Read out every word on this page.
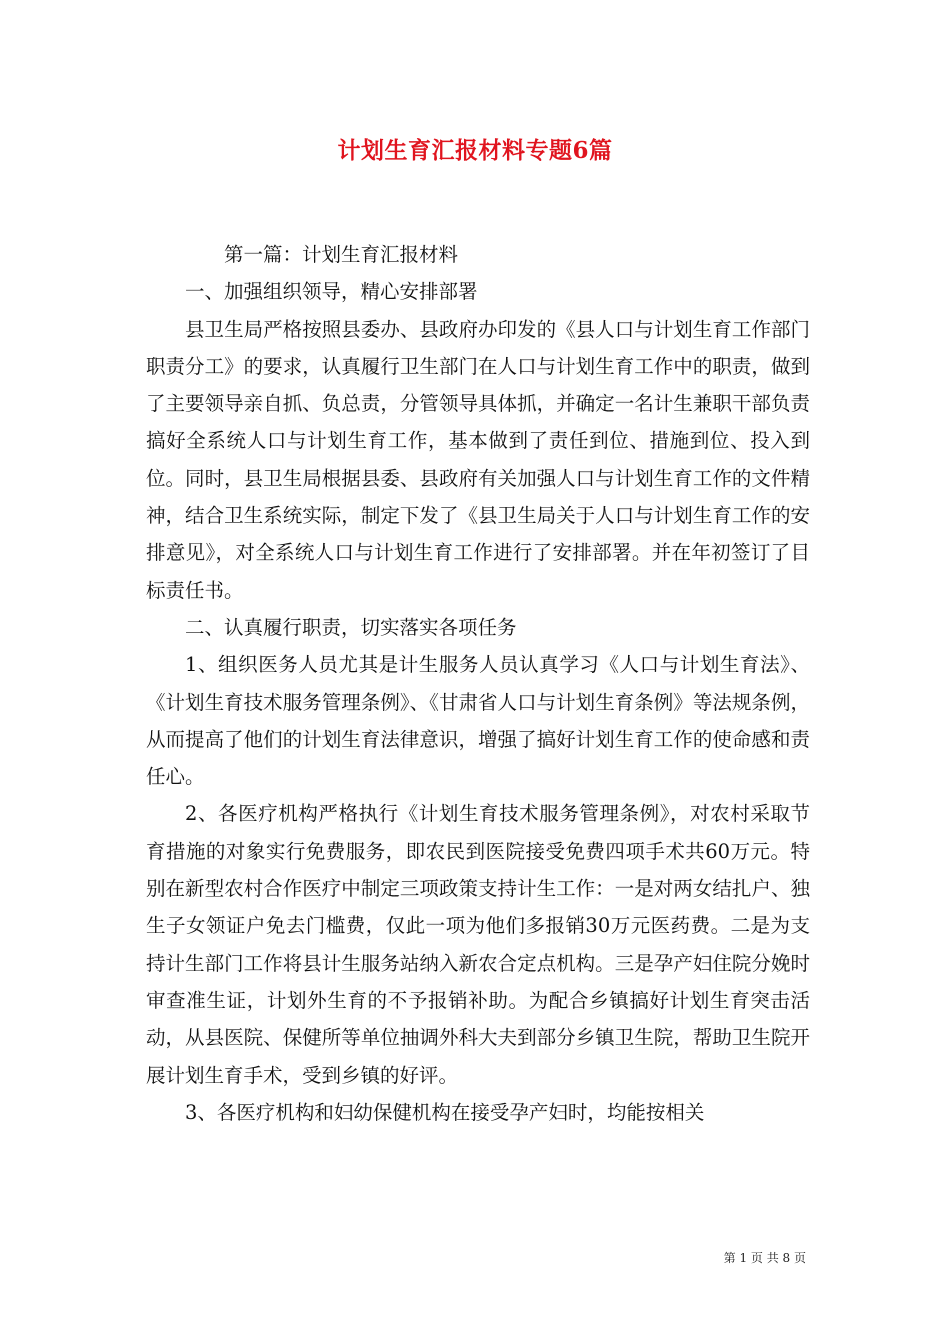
计划生育汇报材料专题6篇

第一篇：计划生育汇报材料

一、加强组织领导，精心安排部署

县卫生局严格按照县委办、县政府办印发的《县人口与计划生育工作部门职责分工》的要求，认真履行卫生部门在人口与计划生育工作中的职责，做到了主要领导亲自抓、负总责，分管领导具体抓，并确定一名计生兼职干部负责搞好全系统人口与计划生育工作，基本做到了责任到位、措施到位、投入到位。同时，县卫生局根据县委、县政府有关加强人口与计划生育工作的文件精神，结合卫生系统实际，制定下发了《县卫生局关于人口与计划生育工作的安排意见》，对全系统人口与计划生育工作进行了安排部署。并在年初签订了目标责任书。

二、认真履行职责，切实落实各项任务

1、组织医务人员尤其是计生服务人员认真学习《人口与计划生育法》、《计划生育技术服务管理条例》、《甘肃省人口与计划生育条例》等法规条例，从而提高了他们的计划生育法律意识，增强了搞好计划生育工作的使命感和责任心。

2、各医疗机构严格执行《计划生育技术服务管理条例》，对农村采取节育措施的对象实行免费服务，即农民到医院接受免费四项手术共60万元。特别在新型农村合作医疗中制定三项政策支持计生工作：一是对两女结扎户、独生子女领证户免去门槛费，仅此一项为他们多报销30万元医药费。二是为支持计生部门工作将县计生服务站纳入新农合定点机构。三是孕产妇住院分娩时审查准生证，计划外生育的不予报销补助。为配合乡镇搞好计划生育突击活动，从县医院、保健所等单位抽调外科大夫到部分乡镇卫生院，帮助卫生院开展计划生育手术，受到乡镇的好评。

3、各医疗机构和妇幼保健机构在接受孕产妇时，均能按相关

第 1 页 共 8 页
